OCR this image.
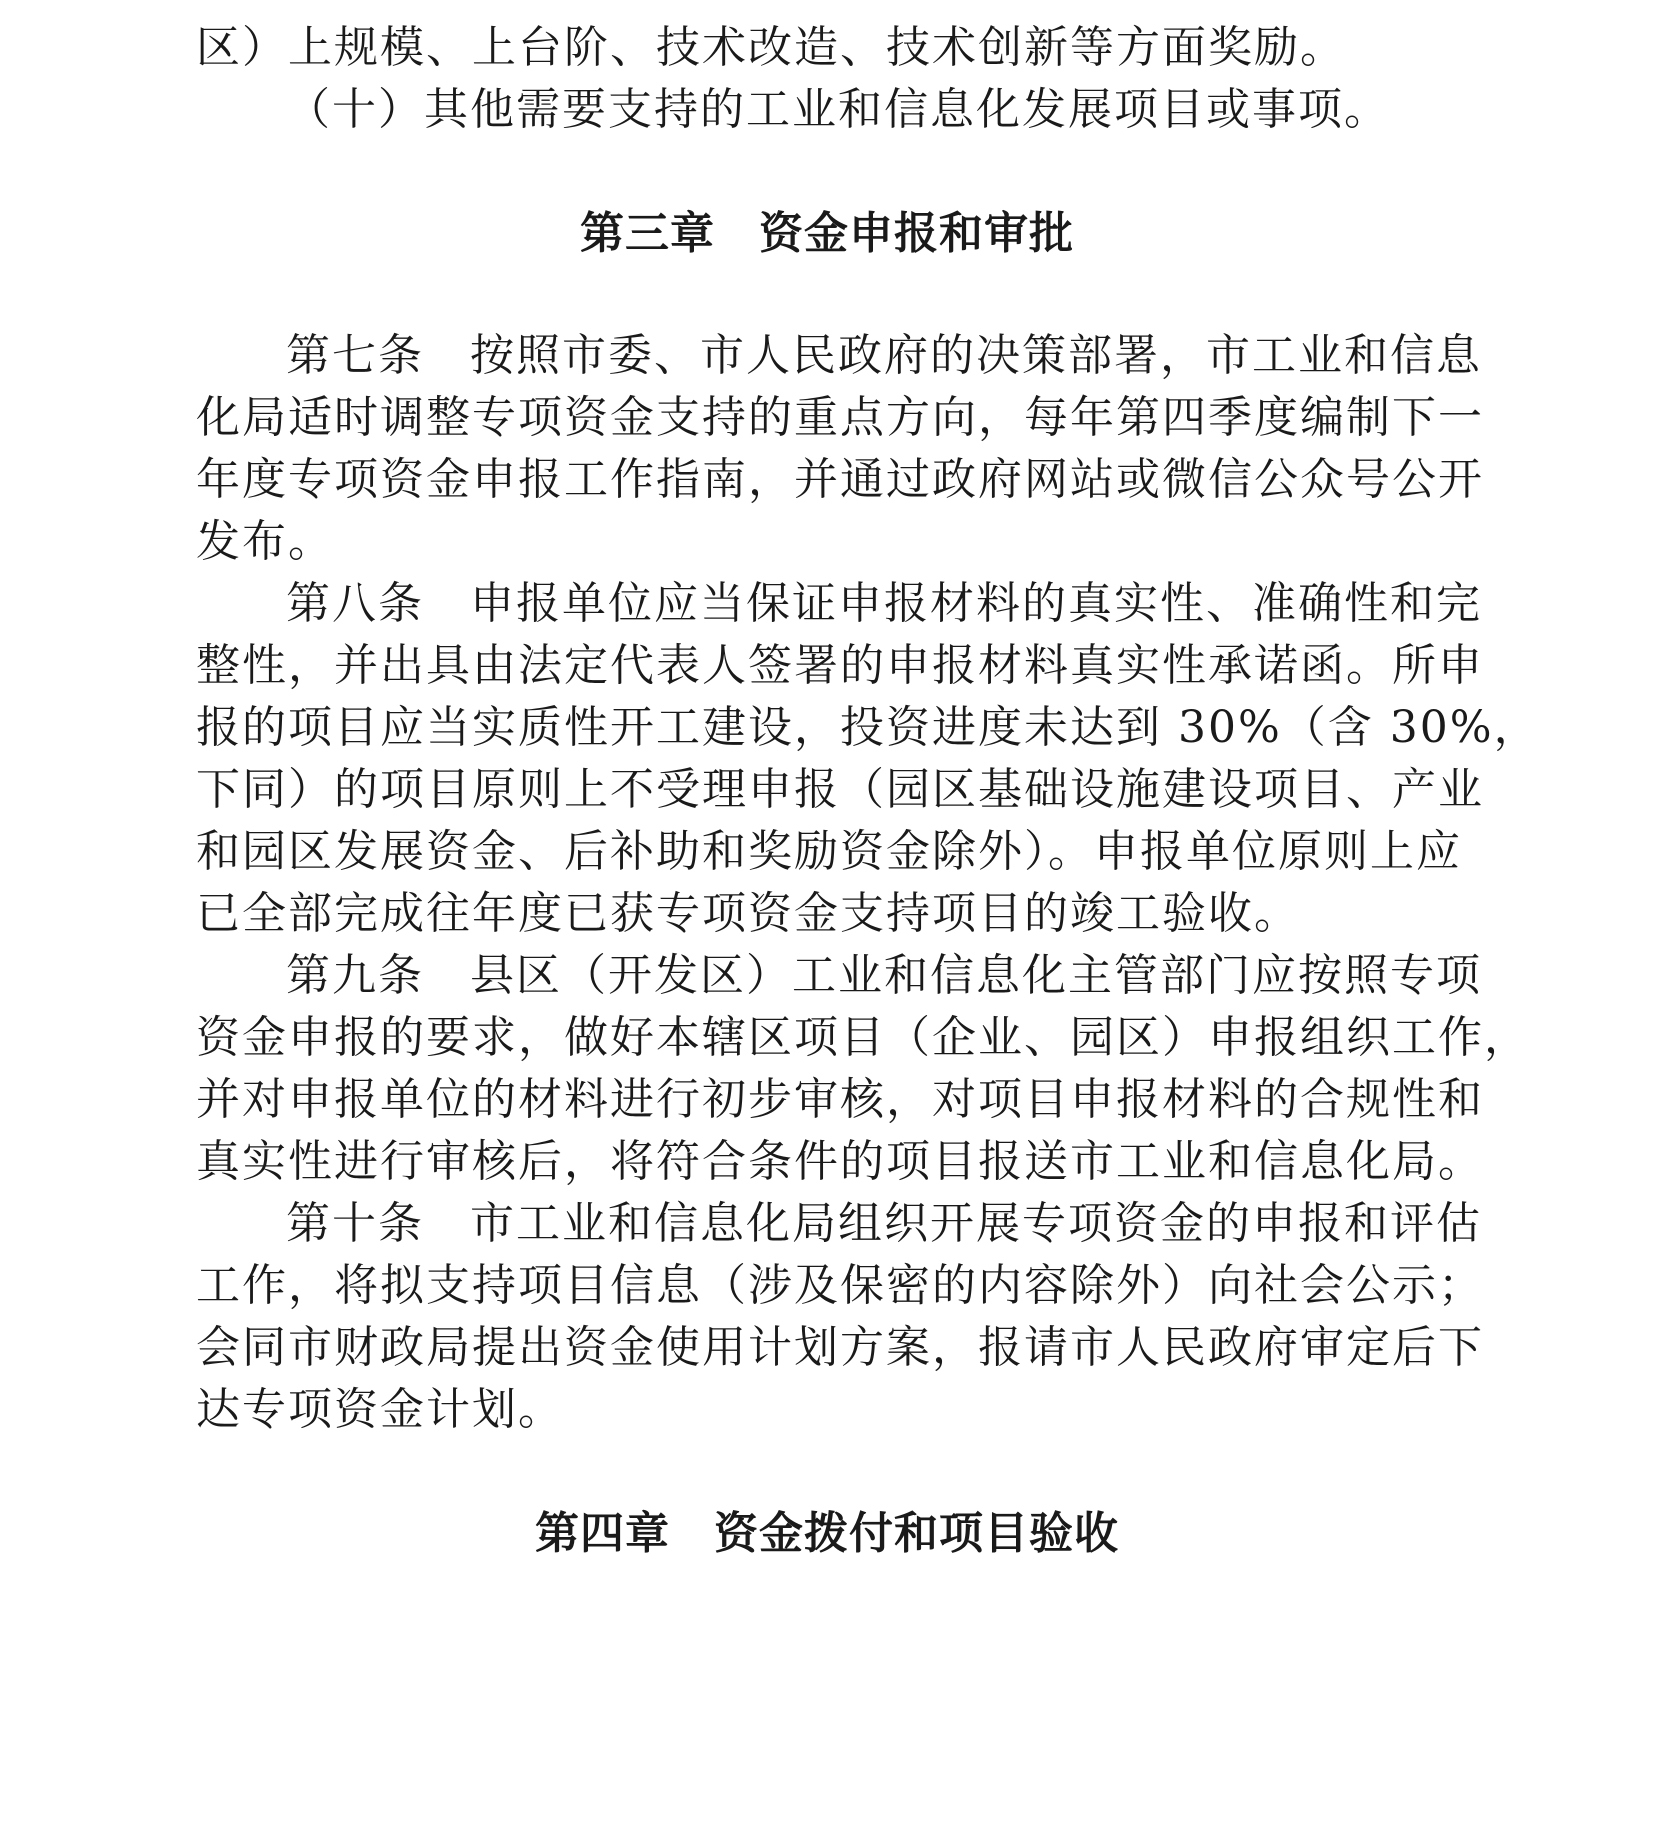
区）上规模、上台阶、技术改造、技术创新等方面奖励。
（十）其他需要支持的工业和信息化发展项目或事项。
第三章 资金申报和审批
第七条　按照市委、市人民政府的决策部署，市工业和信息
化局适时调整专项资金支持的重点方向，每年第四季度编制下一
年度专项资金申报工作指南，并通过政府网站或微信公众号公开
发布。
第八条　申报单位应当保证申报材料的真实性、准确性和完
整性，并出具由法定代表人签署的申报材料真实性承诺函。所申
报的项目应当实质性开工建设，投资进度未达到 30%（含 30%，
下同）的项目原则上不受理申报（园区基础设施建设项目、产业
和园区发展资金、后补助和奖励资金除外）。申报单位原则上应
已全部完成往年度已获专项资金支持项目的竣工验收。
第九条　县区（开发区）工业和信息化主管部门应按照专项
资金申报的要求，做好本辖区项目（企业、园区）申报组织工作，
并对申报单位的材料进行初步审核，对项目申报材料的合规性和
真实性进行审核后，将符合条件的项目报送市工业和信息化局。
第十条　市工业和信息化局组织开展专项资金的申报和评估
工作，将拟支持项目信息（涉及保密的内容除外）向社会公示；
会同市财政局提出资金使用计划方案，报请市人民政府审定后下
达专项资金计划。
第四章 资金拨付和项目验收
